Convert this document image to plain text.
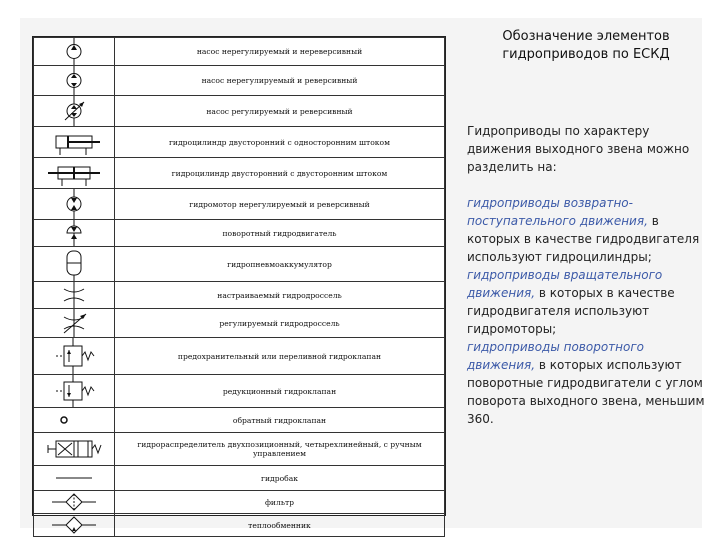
	насос нерегулируемый и нереверсивный

	насос нерегулируемый и реверсивный

	насос регулируемый и реверсивный

	гидроцилиндр двусторонний с односторонним штоком

	гидроцилиндр двусторонний с двусторонним штоком

	гидромотор нерегулируемый и реверсивный

	поворотный гидродвигатель

	гидропневмоаккумулятор

	настраиваемый гидродроссель

	регулируемый гидродроссель

	предохранительный или переливной гидроклапан

	редукционный гидроклапан

	обратный гидроклапан

	гидрораспределитель двухпозиционный, четырехлинейный, с ручным управлением

	гидробак

	фильтр

	теплообменник
Обозначение элементов гидроприводов по ЕСКД

Гидроприводы по характеру движения выходного звена можно разделить на:

гидроприводы возвратно-поступательного движения, в которых в качестве гидродвигателя используют гидроцилиндры;

гидроприводы вращательного движения, в которых в качестве гидродвигателя используют гидромоторы;

гидроприводы поворотного движения, в которых используют поворотные гидродвигатели с углом поворота выходного звена, меньшим 360.
